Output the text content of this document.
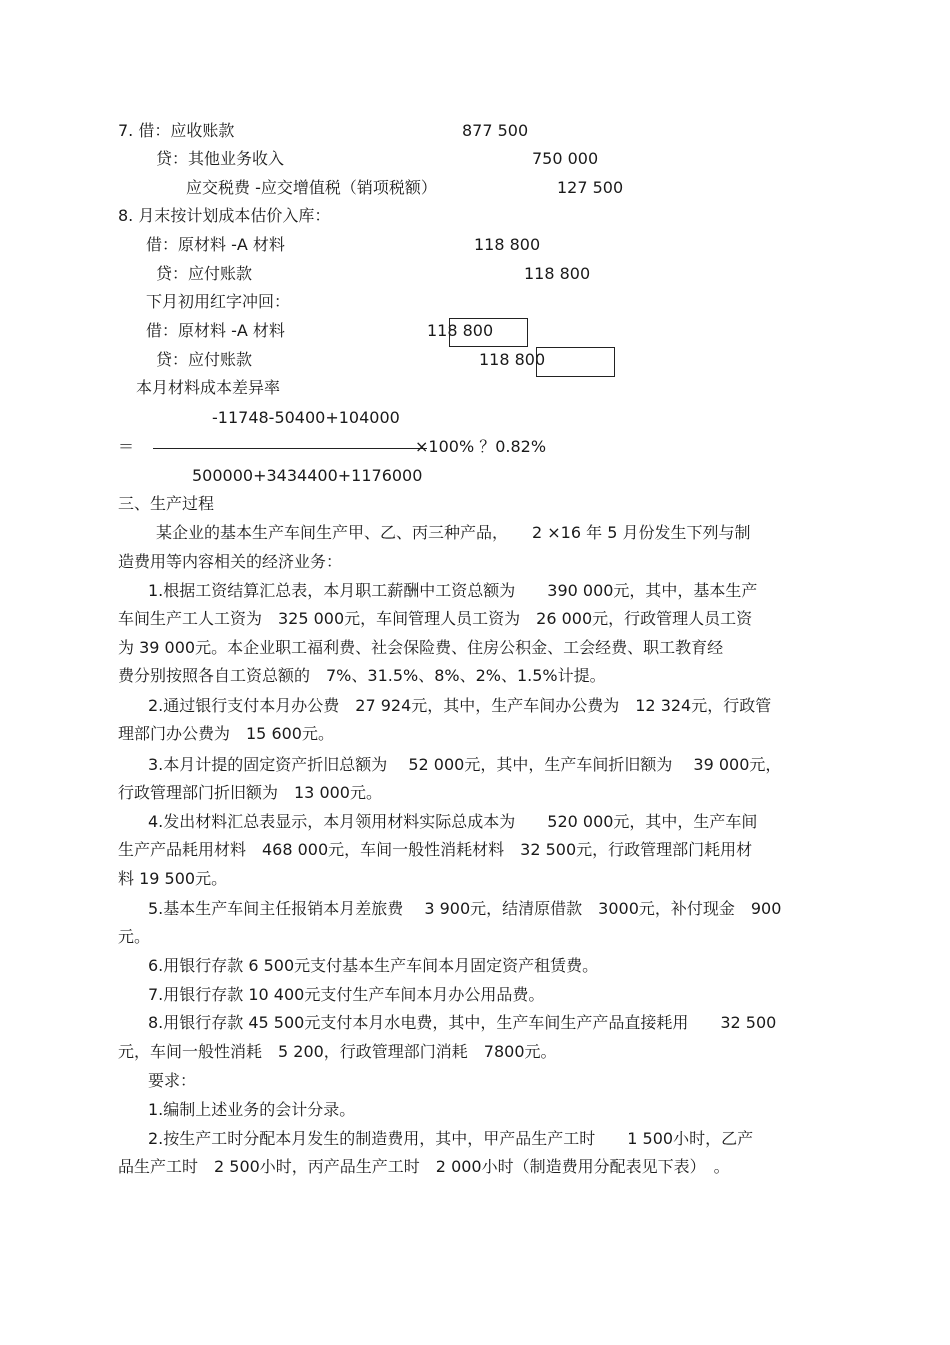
7. 借：应收账款	877 500
贷：其他业务收入	750 000
应交税费 -应交增值税（销项税额）	127 500
8. 月末按计划成本估价入库：
借：原材料 -A 材料	118 800
贷：应付账款	118 800
下月初用红字冲回：
借：原材料 -A 材料	118 800
贷：应付账款	118 800
本月材料成本差异率
-11748-50400+104000
＝	×100% ？0.82%
500000+3434400+1176000
三、生产过程
某企业的基本生产车间生产甲、乙、丙三种产品，　　2 ×16 年 5 月份发生下列与制
造费用等内容相关的经济业务：
1.根据工资结算汇总表，本月职工薪酬中工资总额为　　390 000元，其中，基本生产
车间生产工人工资为　325 000元，车间管理人员工资为　26 000元，行政管理人员工资
为 39 000元。本企业职工福利费、社会保险费、住房公积金、工会经费、职工教育经
费分别按照各自工资总额的　7%、31.5%、8%、2%、1.5%计提。
2.通过银行支付本月办公费　27 924元，其中，生产车间办公费为　12 324元，行政管
理部门办公费为　15 600元。
3.本月计提的固定资产折旧总额为　 52 000元，其中，生产车间折旧额为　 39 000元，
行政管理部门折旧额为　13 000元。
4.发出材料汇总表显示，本月领用材料实际总成本为　　520 000元，其中，生产车间
生产产品耗用材料　468 000元，车间一般性消耗材料　32 500元，行政管理部门耗用材
料 19 500元。
5.基本生产车间主任报销本月差旅费　 3 900元，结清原借款　3000元，补付现金　900
元。
6.用银行存款 6 500元支付基本生产车间本月固定资产租赁费。
7.用银行存款 10 400元支付生产车间本月办公用品费。
8.用银行存款 45 500元支付本月水电费，其中，生产车间生产产品直接耗用　　32 500
元，车间一般性消耗　5 200，行政管理部门消耗　7800元。
要求：
1.编制上述业务的会计分录。
2.按生产工时分配本月发生的制造费用，其中，甲产品生产工时　　1 500小时，乙产
品生产工时　2 500小时，丙产品生产工时　2 000小时（制造费用分配表见下表）　。
